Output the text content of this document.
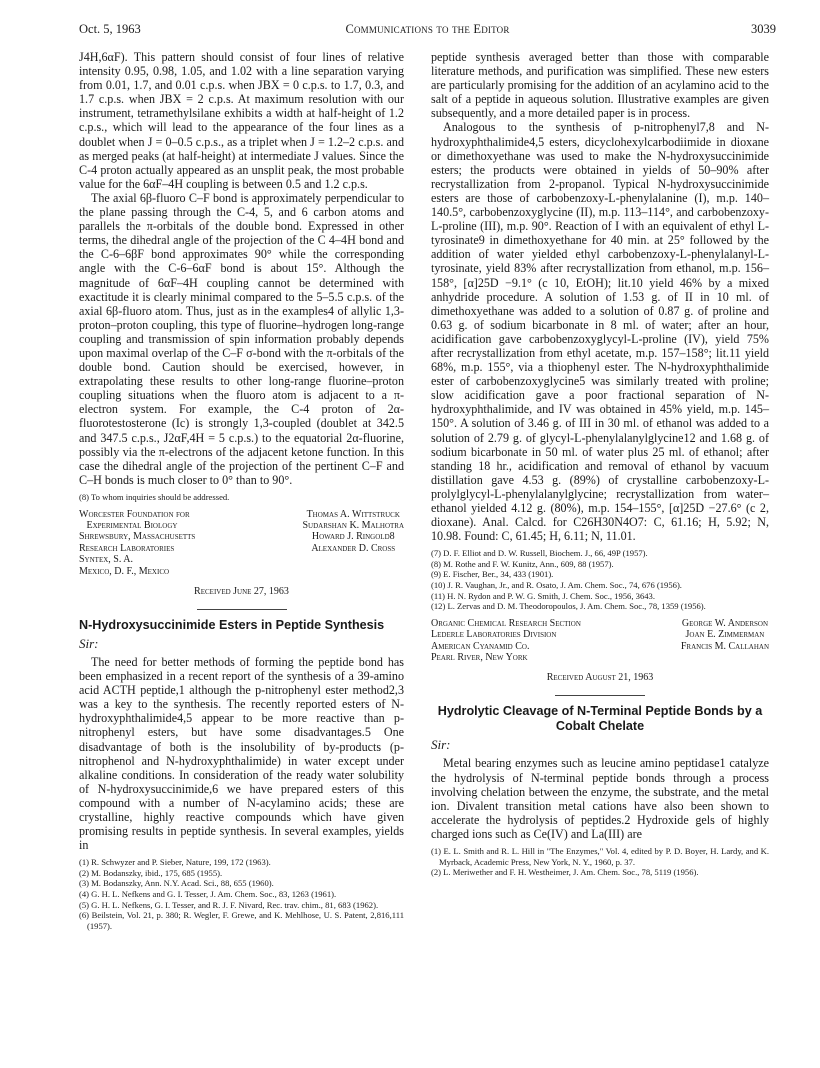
Oct. 5, 1963	Communications to the Editor	3039

J4H,6αF). This pattern should consist of four lines of relative intensity 0.95, 0.98, 1.05, and 1.02 with a line separation varying from 0.01, 1.7, and 0.01 c.p.s. when JBX = 0 c.p.s. to 1.7, 0.3, and 1.7 c.p.s. when JBX = 2 c.p.s. At maximum resolution with our instrument, tetramethylsilane exhibits a width at half-height of 1.2 c.p.s., which will lead to the appearance of the four lines as a doublet when J = 0–0.5 c.p.s., as a triplet when J = 1.2–2 c.p.s. and as merged peaks (at half-height) at intermediate J values. Since the C-4 proton actually appeared as an unsplit peak, the most probable value for the 6αF–4H coupling is between 0.5 and 1.2 c.p.s.

The axial 6β-fluoro C–F bond is approximately perpendicular to the plane passing through the C-4, 5, and 6 carbon atoms and parallels the π-orbitals of the double bond. Expressed in other terms, the dihedral angle of the projection of the C 4–4H bond and the C-6–6βF bond approximates 90° while the corresponding angle with the C-6–6αF bond is about 15°. Although the magnitude of 6αF–4H coupling cannot be determined with exactitude it is clearly minimal compared to the 5–5.5 c.p.s. of the axial 6β-fluoro atom. Thus, just as in the examples4 of allylic 1,3-proton–proton coupling, this type of fluorine–hydrogen long-range coupling and transmission of spin information probably depends upon maximal overlap of the C–F σ-bond with the π-orbitals of the double bond. Caution should be exercised, however, in extrapolating these results to other long-range fluorine–proton coupling situations when the fluoro atom is adjacent to a π-electron system. For example, the C-4 proton of 2α-fluorotestosterone (Ic) is strongly 1,3-coupled (doublet at 342.5 and 347.5 c.p.s., J2αF,4H = 5 c.p.s.) to the equatorial 2α-fluorine, possibly via the π-electrons of the adjacent ketone function. In this case the dihedral angle of the projection of the pertinent C–F and C–H bonds is much closer to 0° than to 90°.

(8) To whom inquiries should be addressed.

Worcester Foundation for
Experimental Biology
Shrewsbury, Massachusetts
Research Laboratories
Syntex, S. A.
Mexico, D. F., Mexico
Thomas A. Wittstruck
Sudarshan K. Malhotra
Howard J. Ringold8
Alexander D. Cross
Received June 27, 1963
N-Hydroxysuccinimide Esters in Peptide Synthesis
Sir:

The need for better methods of forming the peptide bond has been emphasized in a recent report of the synthesis of a 39-amino acid ACTH peptide,1 although the p-nitrophenyl ester method2,3 was a key to the synthesis. The recently reported esters of N-hydroxyphthalimide4,5 appear to be more reactive than p-nitrophenyl esters, but have some disadvantages.5 One disadvantage of both is the insolubility of by-products (p-nitrophenol and N-hydroxyphthalimide) in water except under alkaline conditions. In consideration of the ready water solubility of N-hydroxysuccinimide,6 we have prepared esters of this compound with a number of N-acylamino acids; these are crystalline, highly reactive compounds which have given promising results in peptide synthesis. In several examples, yields in

(1) R. Schwyzer and P. Sieber, Nature, 199, 172 (1963).

(2) M. Bodanszky, ibid., 175, 685 (1955).

(3) M. Bodanszky, Ann. N.Y. Acad. Sci., 88, 655 (1960).

(4) G. H. L. Nefkens and G. I. Tesser, J. Am. Chem. Soc., 83, 1263 (1961).

(5) G. H. L. Nefkens, G. I. Tesser, and R. J. F. Nivard, Rec. trav. chim., 81, 683 (1962).

(6) Beilstein, Vol. 21, p. 380; R. Wegler, F. Grewe, and K. Mehlhose, U. S. Patent, 2,816,111 (1957).

peptide synthesis averaged better than those with comparable literature methods, and purification was simplified. These new esters are particularly promising for the addition of an acylamino acid to the salt of a peptide in aqueous solution. Illustrative examples are given subsequently, and a more detailed paper is in process.

Analogous to the synthesis of p-nitrophenyl7,8 and N-hydroxyphthalimide4,5 esters, dicyclohexylcarbodiimide in dioxane or dimethoxyethane was used to make the N-hydroxysuccinimide esters; the products were obtained in yields of 50–90% after recrystallization from 2-propanol. Typical N-hydroxysuccinimide esters are those of carbobenzoxy-L-phenylalanine (I), m.p. 140–140.5°, carbobenzoxyglycine (II), m.p. 113–114°, and carbobenzoxy-L-proline (III), m.p. 90°. Reaction of I with an equivalent of ethyl L-tyrosinate9 in dimethoxyethane for 40 min. at 25° followed by the addition of water yielded ethyl carbobenzoxy-L-phenylalanyl-L-tyrosinate, yield 83% after recrystallization from ethanol, m.p. 156–158°, [α]25D −9.1° (c 10, EtOH); lit.10 yield 46% by a mixed anhydride procedure. A solution of 1.53 g. of II in 10 ml. of dimethoxyethane was added to a solution of 0.87 g. of proline and 0.63 g. of sodium bicarbonate in 8 ml. of water; after an hour, acidification gave carbobenzoxyglycyl-L-proline (IV), yield 75% after recrystallization from ethyl acetate, m.p. 157–158°; lit.11 yield 68%, m.p. 155°, via a thiophenyl ester. The N-hydroxyphthalimide ester of carbobenzoxyglycine5 was similarly treated with proline; slow acidification gave a poor fractional separation of N-hydroxyphthalimide, and IV was obtained in 45% yield, m.p. 145–150°. A solution of 3.46 g. of III in 30 ml. of ethanol was added to a solution of 2.79 g. of glycyl-L-phenylalanylglycine12 and 1.68 g. of sodium bicarbonate in 50 ml. of water plus 25 ml. of ethanol; after standing 18 hr., acidification and removal of ethanol by vacuum distillation gave 4.53 g. (89%) of crystalline carbobenzoxy-L-prolylglycyl-L-phenylalanylglycine; recrystallization from water–ethanol yielded 4.12 g. (80%), m.p. 154–155°, [α]25D −27.6° (c 2, dioxane). Anal. Calcd. for C26H30N4O7: C, 61.16; H, 5.92; N, 10.98. Found: C, 61.45; H, 6.11; N, 11.01.

(7) D. F. Elliot and D. W. Russell, Biochem. J., 66, 49P (1957).

(8) M. Rothe and F. W. Kunitz, Ann., 609, 88 (1957).

(9) E. Fischer, Ber., 34, 433 (1901).

(10) J. R. Vaughan, Jr., and R. Osato, J. Am. Chem. Soc., 74, 676 (1956).

(11) H. N. Rydon and P. W. G. Smith, J. Chem. Soc., 1956, 3643.

(12) L. Zervas and D. M. Theodoropoulos, J. Am. Chem. Soc., 78, 1359 (1956).

Organic Chemical Research Section
Lederle Laboratories Division
American Cyanamid Co.
Pearl River, New York
George W. Anderson
Joan E. Zimmerman
Francis M. Callahan
Received August 21, 1963
Hydrolytic Cleavage of N-Terminal Peptide Bonds by a Cobalt Chelate
Sir:

Metal bearing enzymes such as leucine amino peptidase1 catalyze the hydrolysis of N-terminal peptide bonds through a process involving chelation between the enzyme, the substrate, and the metal ion. Divalent transition metal cations have also been shown to accelerate the hydrolysis of peptides.2 Hydroxide gels of highly charged ions such as Ce(IV) and La(III) are

(1) E. L. Smith and R. L. Hill in "The Enzymes," Vol. 4, edited by P. D. Boyer, H. Lardy, and K. Myrback, Academic Press, New York, N. Y., 1960, p. 37.

(2) L. Meriwether and F. H. Westheimer, J. Am. Chem. Soc., 78, 5119 (1956).
